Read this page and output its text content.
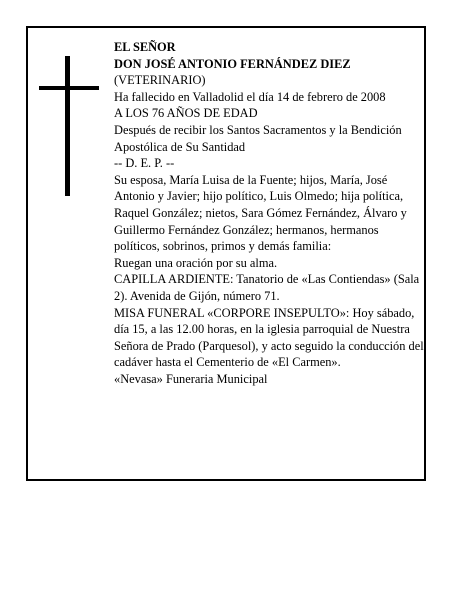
EL SEÑOR

DON JOSÉ ANTONIO FERNÁNDEZ DIEZ

(VETERINARIO)

Ha fallecido en Valladolid el día 14 de febrero de 2008

A LOS 76 AÑOS DE EDAD

Después de recibir los Santos Sacramentos y la Bendición Apostólica de Su Santidad

-- D. E. P. --

Su esposa, María Luisa de la Fuente; hijos, María, José Antonio y Javier; hijo político, Luis Olmedo; hija política, Raquel González; nietos, Sara Gómez Fernández, Álvaro y Guillermo Fernández González; hermanos, hermanos políticos, sobrinos, primos y demás familia:

Ruegan una oración por su alma.

CAPILLA ARDIENTE: Tanatorio de «Las Contiendas» (Sala 2). Avenida de Gijón, número 71.

MISA FUNERAL «CORPORE INSEPULTO»: Hoy sábado, día 15, a las 12.00 horas, en la iglesia parroquial de Nuestra Señora de Prado (Parquesol), y acto seguido la conducción del cadáver hasta el Cementerio de «El Carmen».

«Nevasa» Funeraria Municipal
